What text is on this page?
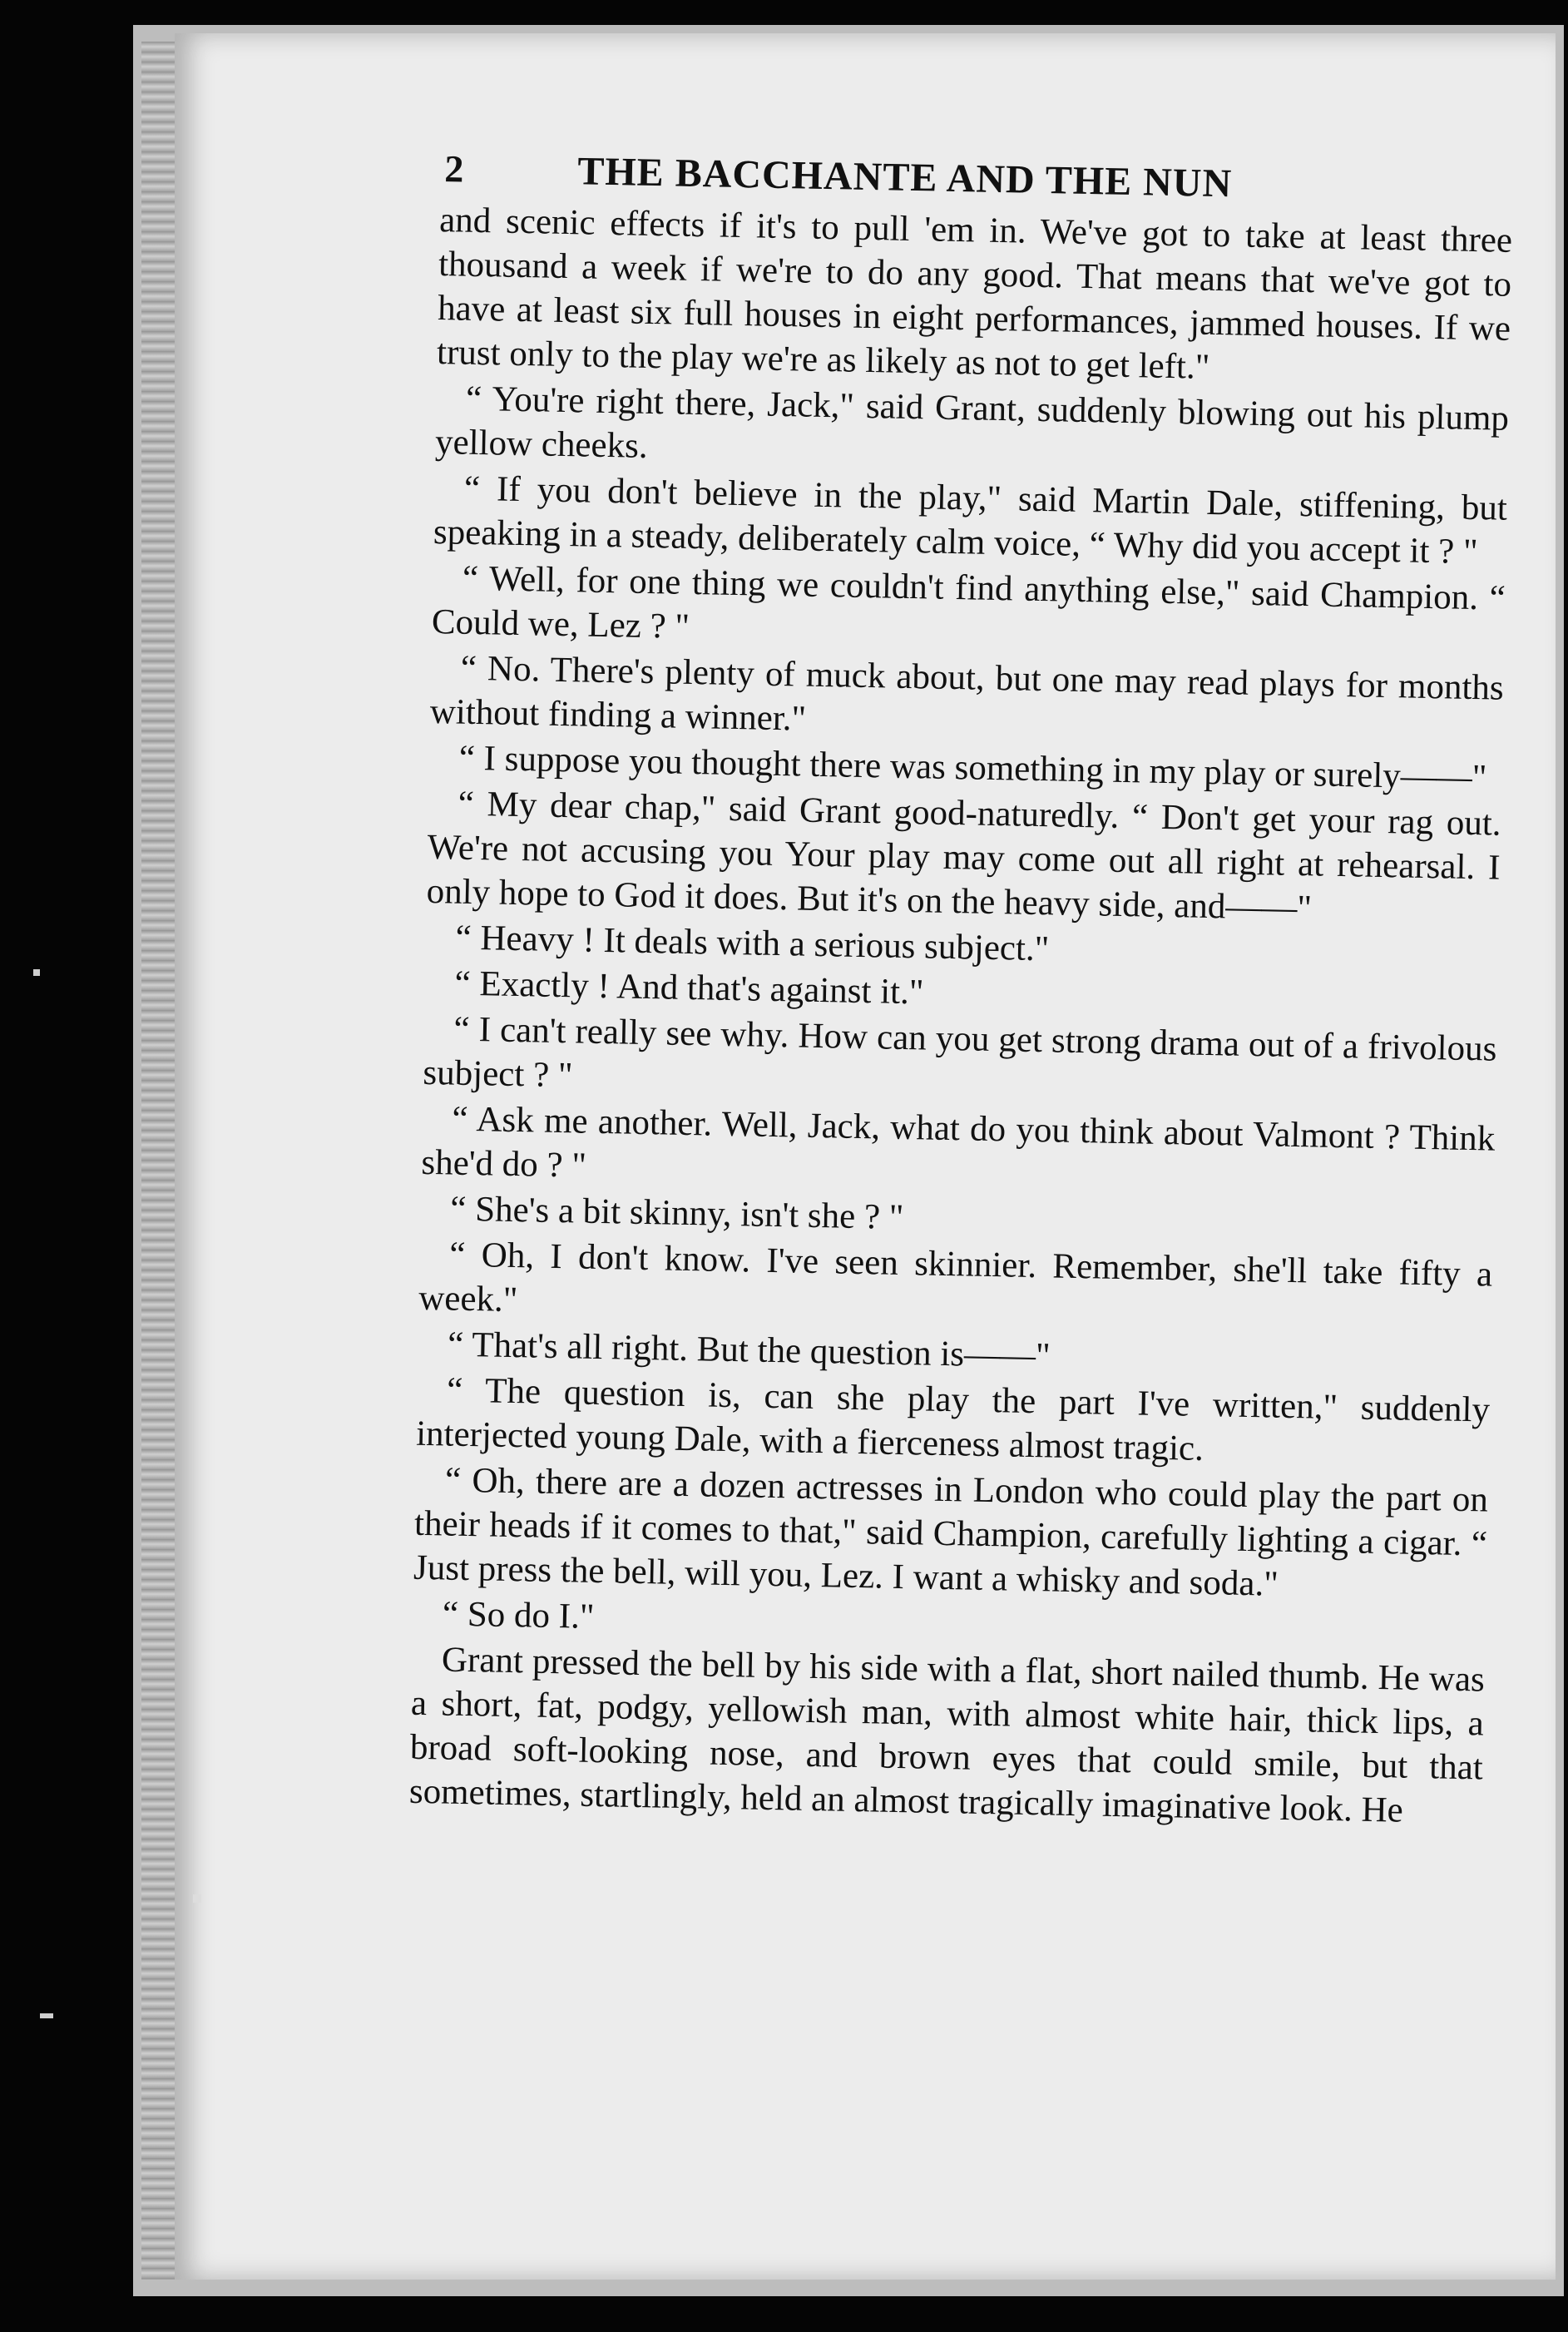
2	THE BACCHANTE AND THE NUN

and scenic effects if it's to pull 'em in. We've got to take at least three thousand a week if we're to do any good. That means that we've got to have at least six full houses in eight performances, jammed houses. If we trust only to the play we're as likely as not to get left."

“ You're right there, Jack," said Grant, suddenly blowing out his plump yellow cheeks.

“ If you don't believe in the play," said Martin Dale, stiffening, but speaking in a steady, deliberately calm voice, “ Why did you accept it ? "

“ Well, for one thing we couldn't find anything else," said Champion. “ Could we, Lez ? "

“ No. There's plenty of muck about, but one may read plays for months without finding a winner."

“ I suppose you thought there was something in my play or surely——"

“ My dear chap," said Grant good-naturedly. “ Don't get your rag out. We're not accusing you Your play may come out all right at rehearsal. I only hope to God it does. But it's on the heavy side, and——"

“ Heavy ! It deals with a serious subject."

“ Exactly ! And that's against it."

“ I can't really see why. How can you get strong drama out of a frivolous subject ? "

“ Ask me another. Well, Jack, what do you think about Valmont ? Think she'd do ? "

“ She's a bit skinny, isn't she ? "

“ Oh, I don't know. I've seen skinnier. Remember, she'll take fifty a week."

“ That's all right. But the question is——"

“ The question is, can she play the part I've written," suddenly interjected young Dale, with a fierceness almost tragic.

“ Oh, there are a dozen actresses in London who could play the part on their heads if it comes to that," said Champion, carefully lighting a cigar. “ Just press the bell, will you, Lez. I want a whisky and soda."

“ So do I."

Grant pressed the bell by his side with a flat, short nailed thumb. He was a short, fat, podgy, yellowish man, with almost white hair, thick lips, a broad soft-looking nose, and brown eyes that could smile, but that sometimes, startlingly, held an almost tragically imaginative look. He
